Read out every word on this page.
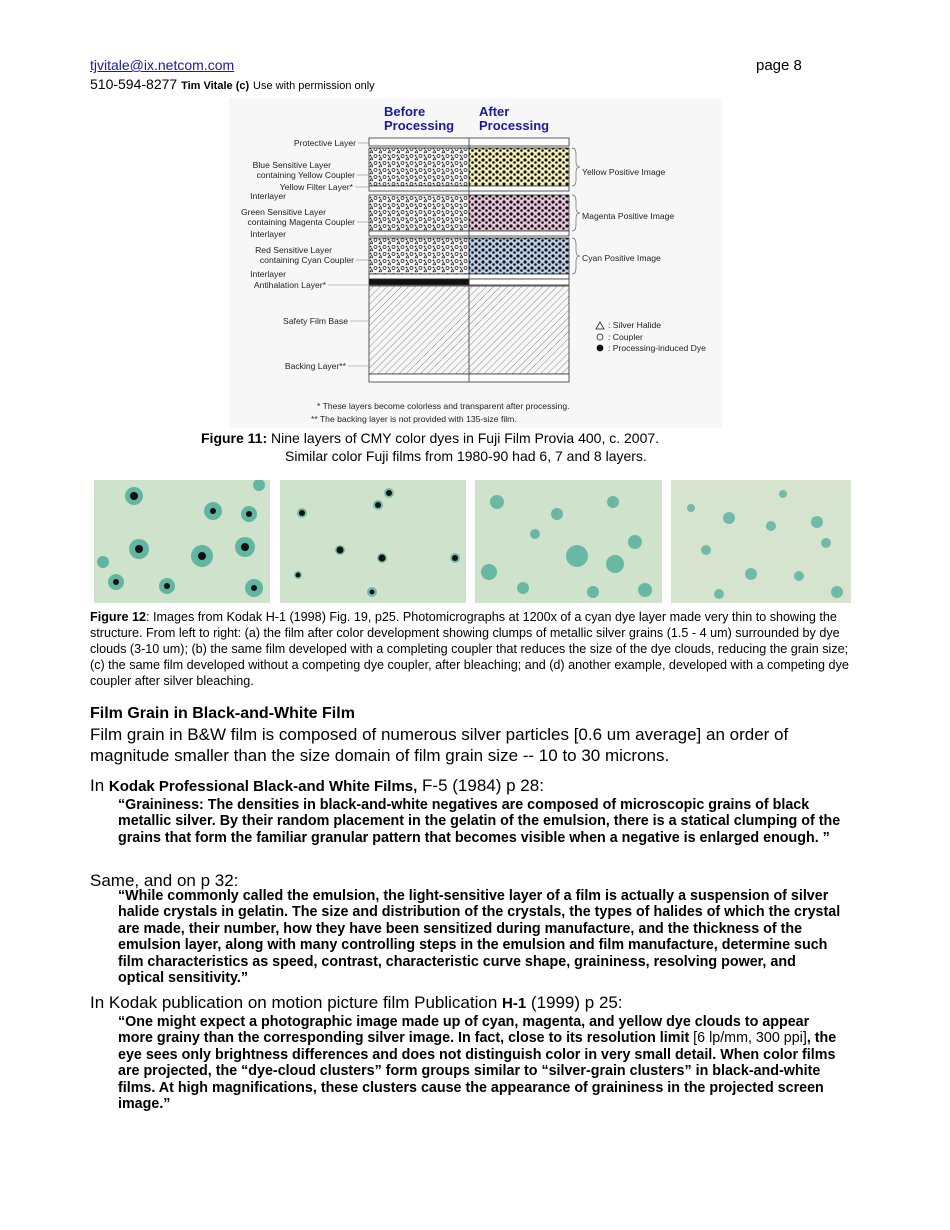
tjvitale@ix.netcom.com	page 8
510-594-8277 Tim Vitale (c) Use with permission only
Before
Processing
After
Processing
Protective Layer
Blue Sensitive Layer
containing Yellow Coupler
Yellow Filter Layer*
Interlayer
Green Sensitive Layer
containing Magenta Coupler
Interlayer
Red Sensitive Layer
containing Cyan Coupler
Interlayer
Antihalation Layer*
Safety Film Base
Backing Layer**
Yellow Positive Image
Magenta Positive Image
Cyan Positive Image
: Silver Halide
: Coupler
: Processing-induced Dye
* These layers become colorless and transparent after processing.
** The backing layer is not provided with 135-size film.
Figure 11: Nine layers of CMY color dyes in Fuji Film Provia 400, c. 2007.
Similar color Fuji films from 1980-90 had 6, 7 and 8 layers.
Figure 12: Images from Kodak H-1 (1998) Fig. 19, p25. Photomicrographs at 1200x of a cyan dye layer made very thin to showing the structure. From left to right: (a) the film after color development showing clumps of metallic silver grains (1.5 - 4 um) surrounded by dye clouds (3-10 um); (b) the same film developed with a completing coupler that reduces the size of the dye clouds, reducing the grain size; (c) the same film developed without a competing dye coupler, after bleaching; and (d) another example, developed with a competing dye coupler after silver bleaching.
Film Grain in Black-and-White Film
Film grain in B&W film is composed of numerous silver particles [0.6 um average] an order of magnitude smaller than the size domain of film grain size -- 10 to 30 microns.
In Kodak Professional Black-and White Films, F-5 (1984) p 28:
“Graininess: The densities in black-and-white negatives are composed of microscopic grains of black metallic silver. By their random placement in the gelatin of the emulsion, there is a statical clumping of the grains that form the familiar granular pattern that becomes visible when a negative is enlarged enough. ”
Same, and on p 32:
“While commonly called the emulsion, the light-sensitive layer of a film is actually a suspension of silver halide crystals in gelatin. The size and distribution of the crystals, the types of halides of which the crystal are made, their number, how they have been sensitized during manufacture, and the thickness of the emulsion layer, along with many controlling steps in the emulsion and film manufacture, determine such film characteristics as speed, contrast, characteristic curve shape, graininess, resolving power, and optical sensitivity.”
In Kodak publication on motion picture film Publication H-1 (1999) p 25:
“One might expect a photographic image made up of cyan, magenta, and yellow dye clouds to appear more grainy than the corresponding silver image. In fact, close to its resolution limit [6 lp/mm, 300 ppi], the eye sees only brightness differences and does not distinguish color in very small detail. When color films are projected, the “dye-cloud clusters” form groups similar to “silver-grain clusters” in black-and-white films. At high magnifications, these clusters cause the appearance of graininess in the projected screen image.”
